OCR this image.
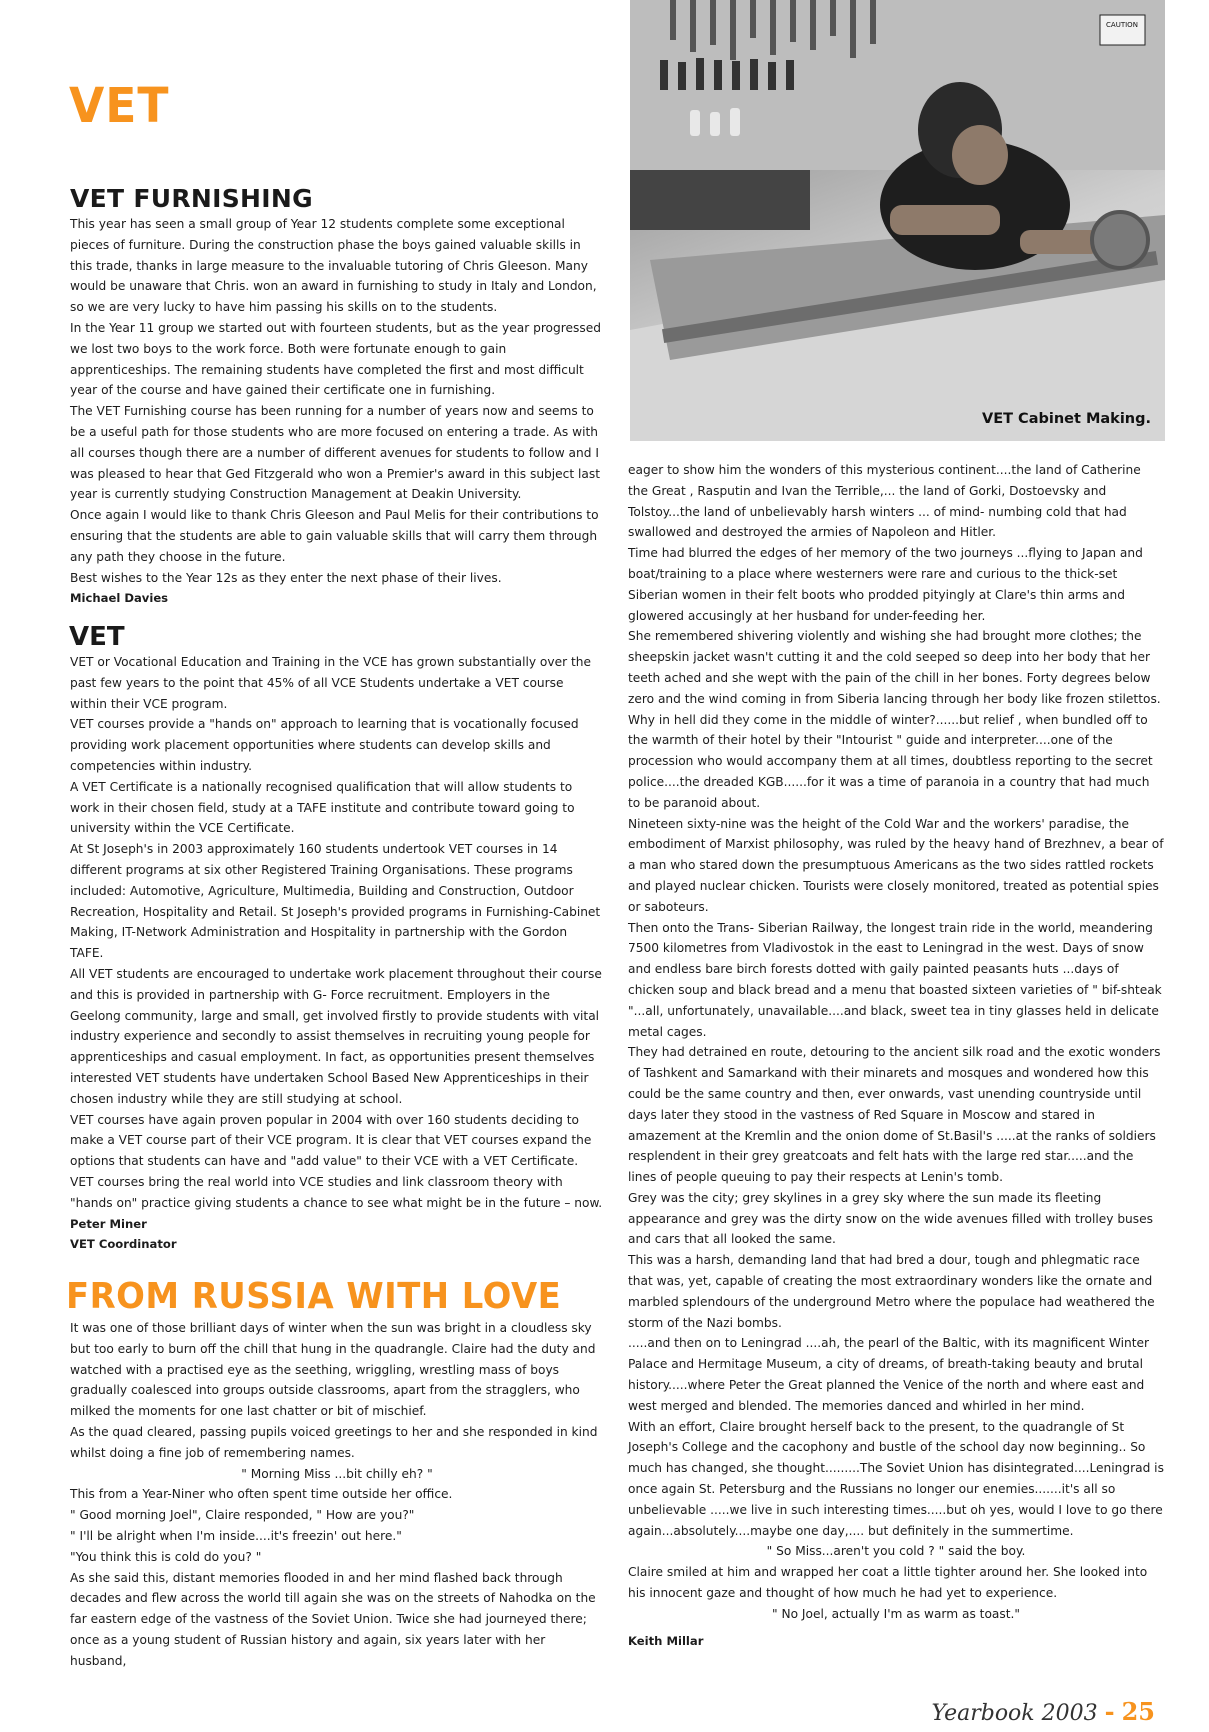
VET
VET FURNISHING

This year has seen a small group of Year 12 students complete some exceptional pieces of furniture. During the construction phase the boys gained valuable skills in this trade, thanks in large measure to the invaluable tutoring of Chris Gleeson. Many would be unaware that Chris. won an award in furnishing to study in Italy and London, so we are very lucky to have him passing his skills on to the students.

In the Year 11 group we started out with fourteen students, but as the year progressed we lost two boys to the work force. Both were fortunate enough to gain apprenticeships. The remaining students have completed the first and most difficult year of the course and have gained their certificate one in furnishing.

The VET Furnishing course has been running for a number of years now and seems to be a useful path for those students who are more focused on entering a trade. As with all courses though there are a number of different avenues for students to follow and I was pleased to hear that Ged Fitzgerald who won a Premier's award in this subject last year is currently studying Construction Management at Deakin University.

Once again I would like to thank Chris Gleeson and Paul Melis for their contributions to ensuring that the students are able to gain valuable skills that will carry them through any path they choose in the future.

Best wishes to the Year 12s as they enter the next phase of their lives.

Michael Davies

VET

VET or Vocational Education and Training in the VCE has grown substantially over the past few years to the point that 45% of all VCE Students undertake a VET course within their VCE program.

VET courses provide a "hands on" approach to learning that is vocationally focused providing work placement opportunities where students can develop skills and competencies within industry.

A VET Certificate is a nationally recognised qualification that will allow students to work in their chosen field, study at a TAFE institute and contribute toward going to university within the VCE Certificate.

At St Joseph's in 2003 approximately 160 students undertook VET courses in 14 different programs at six other Registered Training Organisations. These programs included: Automotive, Agriculture, Multimedia, Building and Construction, Outdoor Recreation, Hospitality and Retail. St Joseph's provided programs in Furnishing-Cabinet Making, IT-Network Administration and Hospitality in partnership with the Gordon TAFE.

All VET students are encouraged to undertake work placement throughout their course and this is provided in partnership with G- Force recruitment. Employers in the Geelong community, large and small, get involved firstly to provide students with vital industry experience and secondly to assist themselves in recruiting young people for apprenticeships and casual employment. In fact, as opportunities present themselves interested VET students have undertaken School Based New Apprenticeships in their chosen industry while they are still studying at school.

VET courses have again proven popular in 2004 with over 160 students deciding to make a VET course part of their VCE program. It is clear that VET courses expand the options that students can have and "add value" to their VCE with a VET Certificate. VET courses bring the real world into VCE studies and link classroom theory with "hands on" practice giving students a chance to see what might be in the future – now.

Peter Miner

VET Coordinator

CAUTION
VET Cabinet Making.
FROM RUSSIA WITH LOVE

It was one of those brilliant days of winter when the sun was bright in a cloudless sky but too early to burn off the chill that hung in the quadrangle. Claire had the duty and watched with a practised eye as the seething, wriggling, wrestling mass of boys gradually coalesced into groups outside classrooms, apart from the stragglers, who milked the moments for one last chatter or bit of mischief.

As the quad cleared, passing pupils voiced greetings to her and she responded in kind whilst doing a fine job of remembering names.

" Morning Miss ...bit chilly eh? "

This from a Year-Niner who often spent time outside her office.

" Good morning Joel", Claire responded, " How are you?"

" I'll be alright when I'm inside....it's freezin' out here."

"You think this is cold do you? "

As she said this, distant memories flooded in and her mind flashed back through decades and flew across the world till again she was on the streets of Nahodka on the far eastern edge of the vastness of the Soviet Union. Twice she had journeyed there; once as a young student of Russian history and again, six years later with her husband,

eager to show him the wonders of this mysterious continent....the land of Catherine the Great , Rasputin and Ivan the Terrible,... the land of Gorki, Dostoevsky and Tolstoy...the land of unbelievably harsh winters ... of mind- numbing cold that had swallowed and destroyed the armies of Napoleon and Hitler.

Time had blurred the edges of her memory of the two journeys ...flying to Japan and boat/training to a place where westerners were rare and curious to the thick-set Siberian women in their felt boots who prodded pityingly at Clare's thin arms and glowered accusingly at her husband for under-feeding her.

She remembered shivering violently and wishing she had brought more clothes; the sheepskin jacket wasn't cutting it and the cold seeped so deep into her body that her teeth ached and she wept with the pain of the chill in her bones. Forty degrees below zero and the wind coming in from Siberia lancing through her body like frozen stilettos. Why in hell did they come in the middle of winter?......but relief , when bundled off to the warmth of their hotel by their "Intourist " guide and interpreter....one of the procession who would accompany them at all times, doubtless reporting to the secret police....the dreaded KGB......for it was a time of paranoia in a country that had much to be paranoid about.

Nineteen sixty-nine was the height of the Cold War and the workers' paradise, the embodiment of Marxist philosophy, was ruled by the heavy hand of Brezhnev, a bear of a man who stared down the presumptuous Americans as the two sides rattled rockets and played nuclear chicken. Tourists were closely monitored, treated as potential spies or saboteurs.

Then onto the Trans- Siberian Railway, the longest train ride in the world, meandering 7500 kilometres from Vladivostok in the east to Leningrad in the west. Days of snow and endless bare birch forests dotted with gaily painted peasants huts ...days of chicken soup and black bread and a menu that boasted sixteen varieties of " bif-shteak "...all, unfortunately, unavailable....and black, sweet tea in tiny glasses held in delicate metal cages.

They had detrained en route, detouring to the ancient silk road and the exotic wonders of Tashkent and Samarkand with their minarets and mosques and wondered how this could be the same country and then, ever onwards, vast unending countryside until days later they stood in the vastness of Red Square in Moscow and stared in amazement at the Kremlin and the onion dome of St.Basil's .....at the ranks of soldiers resplendent in their grey greatcoats and felt hats with the large red star.....and the lines of people queuing to pay their respects at Lenin's tomb.

Grey was the city; grey skylines in a grey sky where the sun made its fleeting appearance and grey was the dirty snow on the wide avenues filled with trolley buses and cars that all looked the same.

This was a harsh, demanding land that had bred a dour, tough and phlegmatic race that was, yet, capable of creating the most extraordinary wonders like the ornate and marbled splendours of the underground Metro where the populace had weathered the storm of the Nazi bombs.

.....and then on to Leningrad ....ah, the pearl of the Baltic, with its magnificent Winter Palace and Hermitage Museum, a city of dreams, of breath-taking beauty and brutal history.....where Peter the Great planned the Venice of the north and where east and west merged and blended. The memories danced and whirled in her mind.

With an effort, Claire brought herself back to the present, to the quadrangle of St Joseph's College and the cacophony and bustle of the school day now beginning.. So much has changed, she thought.........The Soviet Union has disintegrated....Leningrad is once again St. Petersburg and the Russians no longer our enemies.......it's all so unbelievable .....we live in such interesting times.....but oh yes, would I love to go there again...absolutely....maybe one day,.... but definitely in the summertime.

" So Miss...aren't you cold ? " said the boy.

Claire smiled at him and wrapped her coat a little tighter around her. She looked into his innocent gaze and thought of how much he had yet to experience.

" No Joel, actually I'm as warm as toast."

Keith Millar

Yearbook 2003 - 25
